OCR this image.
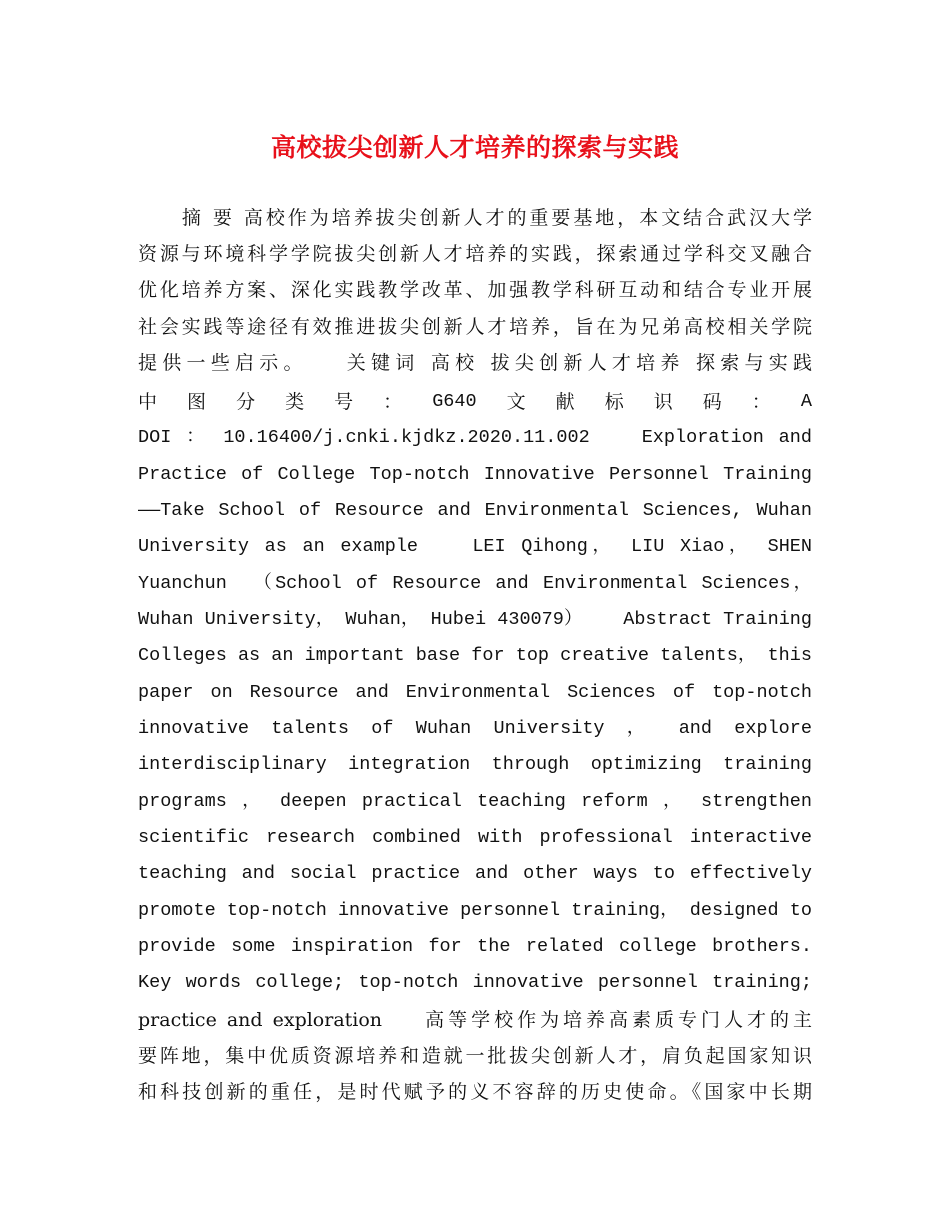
高校拔尖创新人才培养的探索与实践
　　摘 要 高校作为培养拔尖创新人才的重要基地，本文结合武汉大学
资源与环境科学学院拔尖创新人才培养的实践，探索通过学科交叉融合
优化培养方案、深化实践教学改革、加强教学科研互动和结合专业开展
社会实践等途径有效推进拔尖创新人才培养，旨在为兄弟高校相关学院
提供一些启示。　　关键词 高校 拔尖创新人才培养 探索与实践
中 图 分 类 号 ： G640 文 献 标 识 码 ： A
DOI ： 10.16400/j.cnki.kjdkz.2020.11.002 　 Exploration and
Practice of College Top-notch Innovative Personnel Training
——Take School of Resource and Environmental Sciences, Wuhan
University as an example 　 LEI Qihong， LIU Xiao， SHEN
Yuanchun 　（School of Resource and Environmental Sciences，
Wuhan University， Wuhan， Hubei 430079） 　 Abstract Training
Colleges as an important base for top creative talents， this
paper on Resource and Environmental Sciences of top-notch
innovative talents of Wuhan University ， and explore
interdisciplinary integration through optimizing training
programs ， deepen practical teaching reform ， strengthen
scientific research combined with professional interactive
teaching and social practice and other ways to effectively
promote top-notch innovative personnel training， designed to
provide some inspiration for the related college brothers.
Key words college; top-notch innovative personnel training;
practice and exploration 　 高等学校作为培养高素质专门人才的主
要阵地，集中优质资源培养和造就一批拔尖创新人才，肩负起国家知识
和科技创新的重任，是时代赋予的义不容辞的历史使命。《国家中长期
